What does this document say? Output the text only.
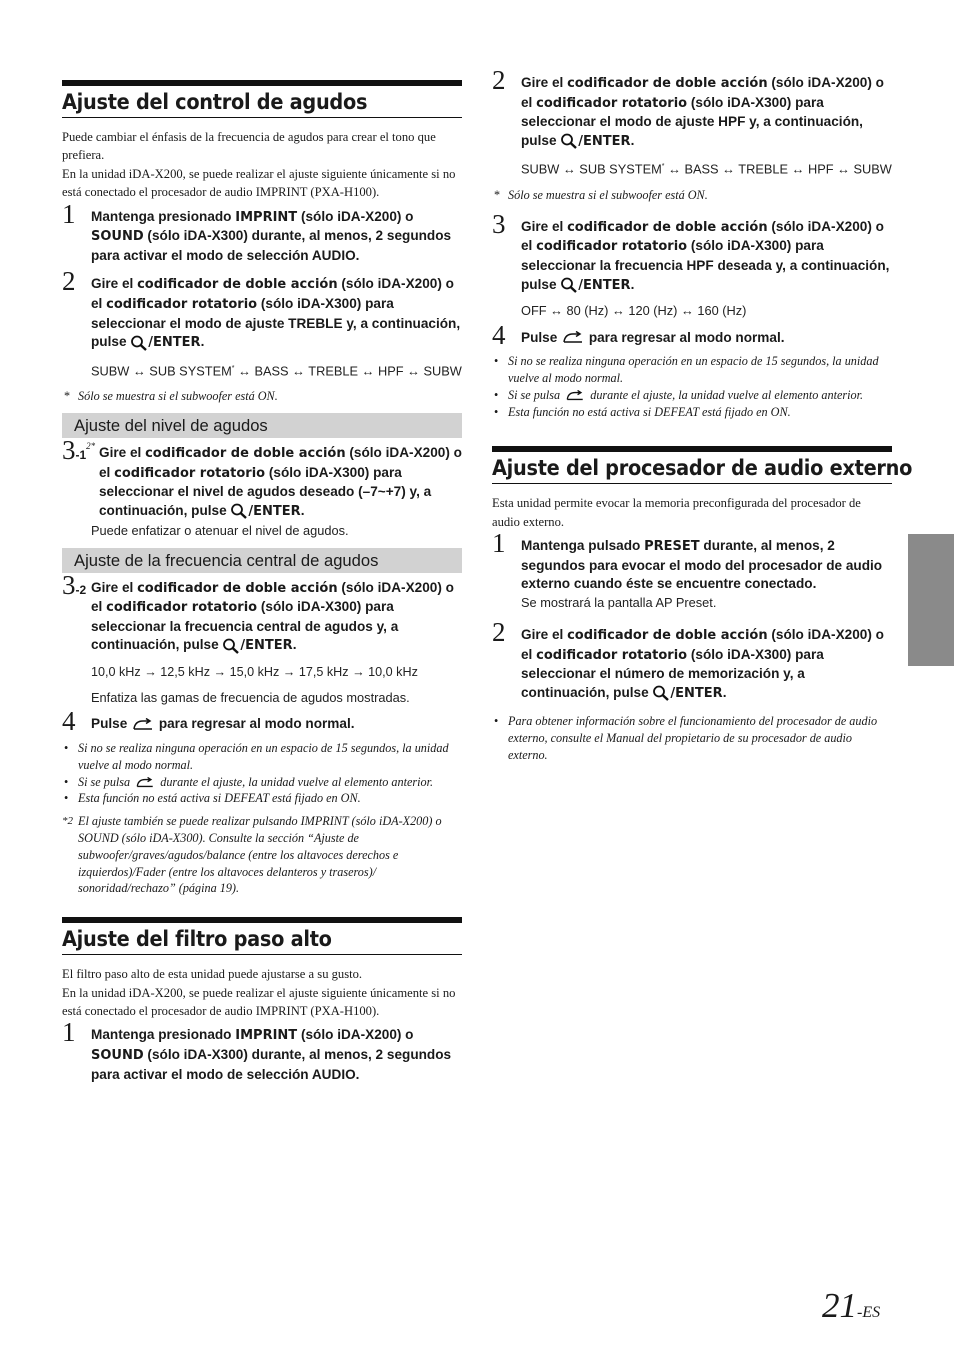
Ajuste del control de agudos

Puede cambiar el énfasis de la frecuencia de agudos para crear el tono que prefiera.

En la unidad iDA-X200, se puede realizar el ajuste siguiente únicamente si no está conectado el procesador de audio IMPRINT (PXA-H100).

1 Mantenga presionado IMPRINT (sólo iDA-X200) o SOUND (sólo iDA-X300) durante, al menos, 2 segundos para activar el modo de selección AUDIO.
2 Gire el codificador de doble acción (sólo iDA-X200) o el codificador rotatorio (sólo iDA-X300) para seleccionar el modo de ajuste TREBLE y, a continuación, pulse /ENTER.
SUBW ↔ SUB SYSTEM* ↔ BASS ↔ TREBLE ↔ HPF ↔ SUBW

* Sólo se muestra si el subwoofer está ON.

Ajuste del nivel de agudos
$3-1^{2*}$ Gire el codificador de doble acción (sólo iDA-X200) o el codificador rotatorio (sólo iDA-X300) para seleccionar el nivel de agudos deseado (–7~+7) y, a continuación, pulse /ENTER.

Puede enfatizar o atenuar el nivel de agudos.

Ajuste de la frecuencia central de agudos
3-2 Gire el codificador de doble acción (sólo iDA-X200) o el codificador rotatorio (sólo iDA-X300) para seleccionar la frecuencia central de agudos y, a continuación, pulse /ENTER.
10,0 kHz → 12,5 kHz → 15,0 kHz → 17,5 kHz → 10,0 kHz

Enfatiza las gamas de frecuencia de agudos mostradas.

4 Pulse  para regresar al modo normal.

• Si no se realiza ninguna operación en un espacio de 15 segundos, la unidad vuelve al modo normal.

• Si se pulsa  durante el ajuste, la unidad vuelve al elemento anterior.

• Esta función no está activa si DEFEAT está fijado en ON.

*2 El ajuste también se puede realizar pulsando IMPRINT (sólo iDA-X200) o SOUND (sólo iDA-X300). Consulte la sección “Ajuste de subwoofer/graves/agudos/balance (entre los altavoces derechos e izquierdos)/Fader (entre los altavoces delanteros y traseros)/ sonoridad/rechazo” (página 19).

Ajuste del filtro paso alto

El filtro paso alto de esta unidad puede ajustarse a su gusto.

En la unidad iDA-X200, se puede realizar el ajuste siguiente únicamente si no está conectado el procesador de audio IMPRINT (PXA-H100).

1 Mantenga presionado IMPRINT (sólo iDA-X200) o SOUND (sólo iDA-X300) durante, al menos, 2 segundos para activar el modo de selección AUDIO.
2 Gire el codificador de doble acción (sólo iDA-X200) o el codificador rotatorio (sólo iDA-X300) para seleccionar el modo de ajuste HPF y, a continuación, pulse /ENTER.
SUBW ↔ SUB SYSTEM* ↔ BASS ↔ TREBLE ↔ HPF ↔ SUBW

* Sólo se muestra si el subwoofer está ON.

3 Gire el codificador de doble acción (sólo iDA-X200) o el codificador rotatorio (sólo iDA-X300) para seleccionar la frecuencia HPF deseada y, a continuación, pulse /ENTER.
OFF ↔ 80 (Hz) ↔ 120 (Hz) ↔ 160 (Hz)
4 Pulse  para regresar al modo normal.

• Si no se realiza ninguna operación en un espacio de 15 segundos, la unidad vuelve al modo normal.

• Si se pulsa  durante el ajuste, la unidad vuelve al elemento anterior.

• Esta función no está activa si DEFEAT está fijado en ON.

Ajuste del procesador de audio externo

Esta unidad permite evocar la memoria preconfigurada del procesador de audio externo.

1 Mantenga pulsado PRESET durante, al menos, 2 segundos para evocar el modo del procesador de audio externo cuando éste se encuentre conectado.

Se mostrará la pantalla AP Preset.

2 Gire el codificador de doble acción (sólo iDA-X200) o el codificador rotatorio (sólo iDA-X300) para seleccionar el número de memorización y, a continuación, pulse /ENTER.

• Para obtener información sobre el funcionamiento del procesador de audio externo, consulte el Manual del propietario de su procesador de audio externo.

21-ES
